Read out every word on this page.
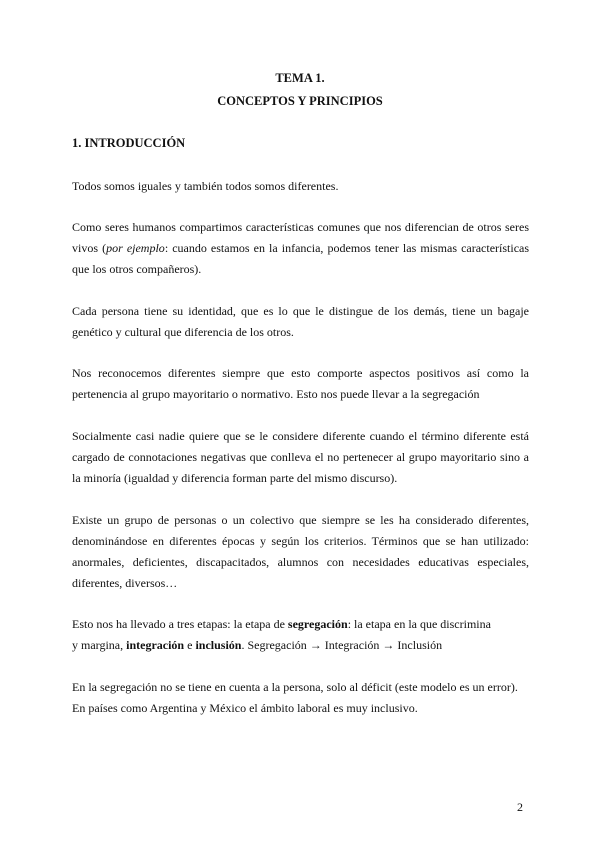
TEMA 1.
CONCEPTOS Y PRINCIPIOS
1. INTRODUCCIÓN

Todos somos iguales y también todos somos diferentes.

Como seres humanos compartimos características comunes que nos diferencian de otros seres vivos (por ejemplo: cuando estamos en la infancia, podemos tener las mismas características que los otros compañeros).

Cada persona tiene su identidad, que es lo que le distingue de los demás, tiene un bagaje genético y cultural que diferencia de los otros.

Nos reconocemos diferentes siempre que esto comporte aspectos positivos así como la pertenencia al grupo mayoritario o normativo. Esto nos puede llevar a la segregación

Socialmente casi nadie quiere que se le considere diferente cuando el término diferente está cargado de connotaciones negativas que conlleva el no pertenecer al grupo mayoritario sino a la minoría (igualdad y diferencia forman parte del mismo discurso).

Existe un grupo de personas o un colectivo que siempre se les ha considerado diferentes, denominándose en diferentes épocas y según los criterios. Términos que se han utilizado: anormales, deficientes, discapacitados, alumnos con necesidades educativas especiales, diferentes, diversos…

Esto nos ha llevado a tres etapas: la etapa de segregación: la etapa en la que discrimina
y margina, integración e inclusión. Segregación → Integración → Inclusión

En la segregación no se tiene en cuenta a la persona, solo al déficit (este modelo es un error).
En países como Argentina y México el ámbito laboral es muy inclusivo.

2
